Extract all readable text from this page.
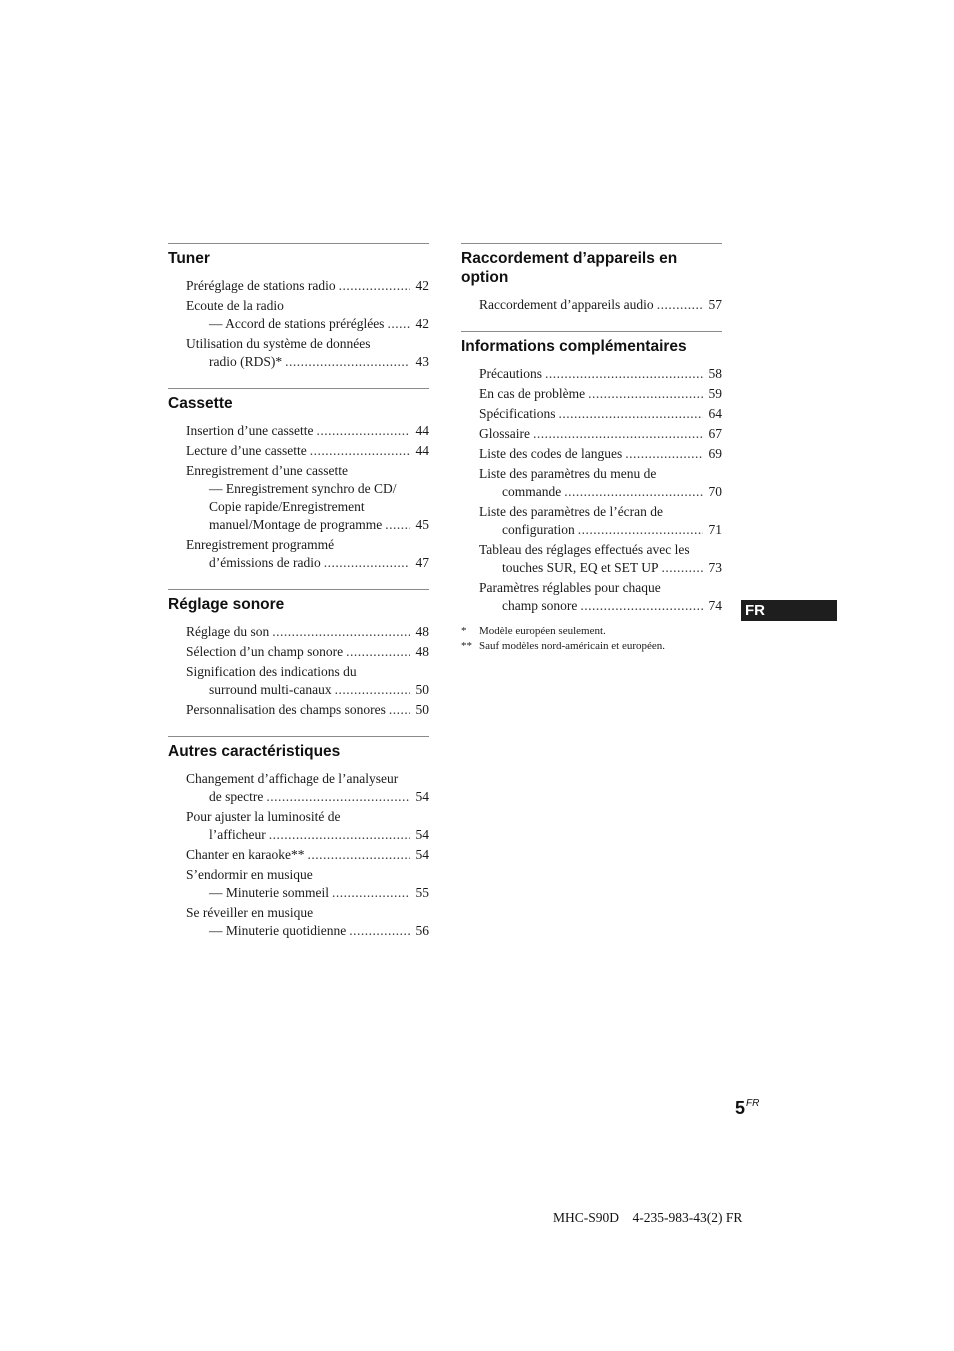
Tuner
Préréglage de stations radio .....	42
Ecoute de la radio
— Accord de stations préréglées .....	42
Utilisation du système de données
radio (RDS)* .....	43
Cassette
Insertion d’une cassette .....	44
Lecture d’une cassette .....	44
Enregistrement d’une cassette
— Enregistrement synchro de CD/
Copie rapide/Enregistrement
manuel/Montage de programme .....	45
Enregistrement programmé
d’émissions de radio .....	47
Réglage sonore
Réglage du son .....	48
Sélection d’un champ sonore .....	48
Signification des indications du
surround multi-canaux .....	50
Personnalisation des champs sonores .....	50
Autres caractéristiques
Changement d’affichage de l’analyseur
de spectre .....	54
Pour ajuster la luminosité de
l’afficheur .....	54
Chanter en karaoke** .....	54
S’endormir en musique
— Minuterie sommeil .....	55
Se réveiller en musique
— Minuterie quotidienne .....	56
Raccordement d’appareils en option
Raccordement d’appareils audio .....	57
Informations complémentaires
Précautions .....	58
En cas de problème .....	59
Spécifications .....	64
Glossaire .....	67
Liste des codes de langues .....	69
Liste des paramètres du menu de
commande .....	70
Liste des paramètres de l’écran de
configuration .....	71
Tableau des réglages effectués avec les
touches SUR, EQ et SET UP .....	73
Paramètres réglables pour chaque
champ sonore .....	74
*	Modèle européen seulement.
** Sauf modèles nord-américain et européen.
FR
$5^{FR}$
MHC-S90D    4-235-983-43(2) FR
